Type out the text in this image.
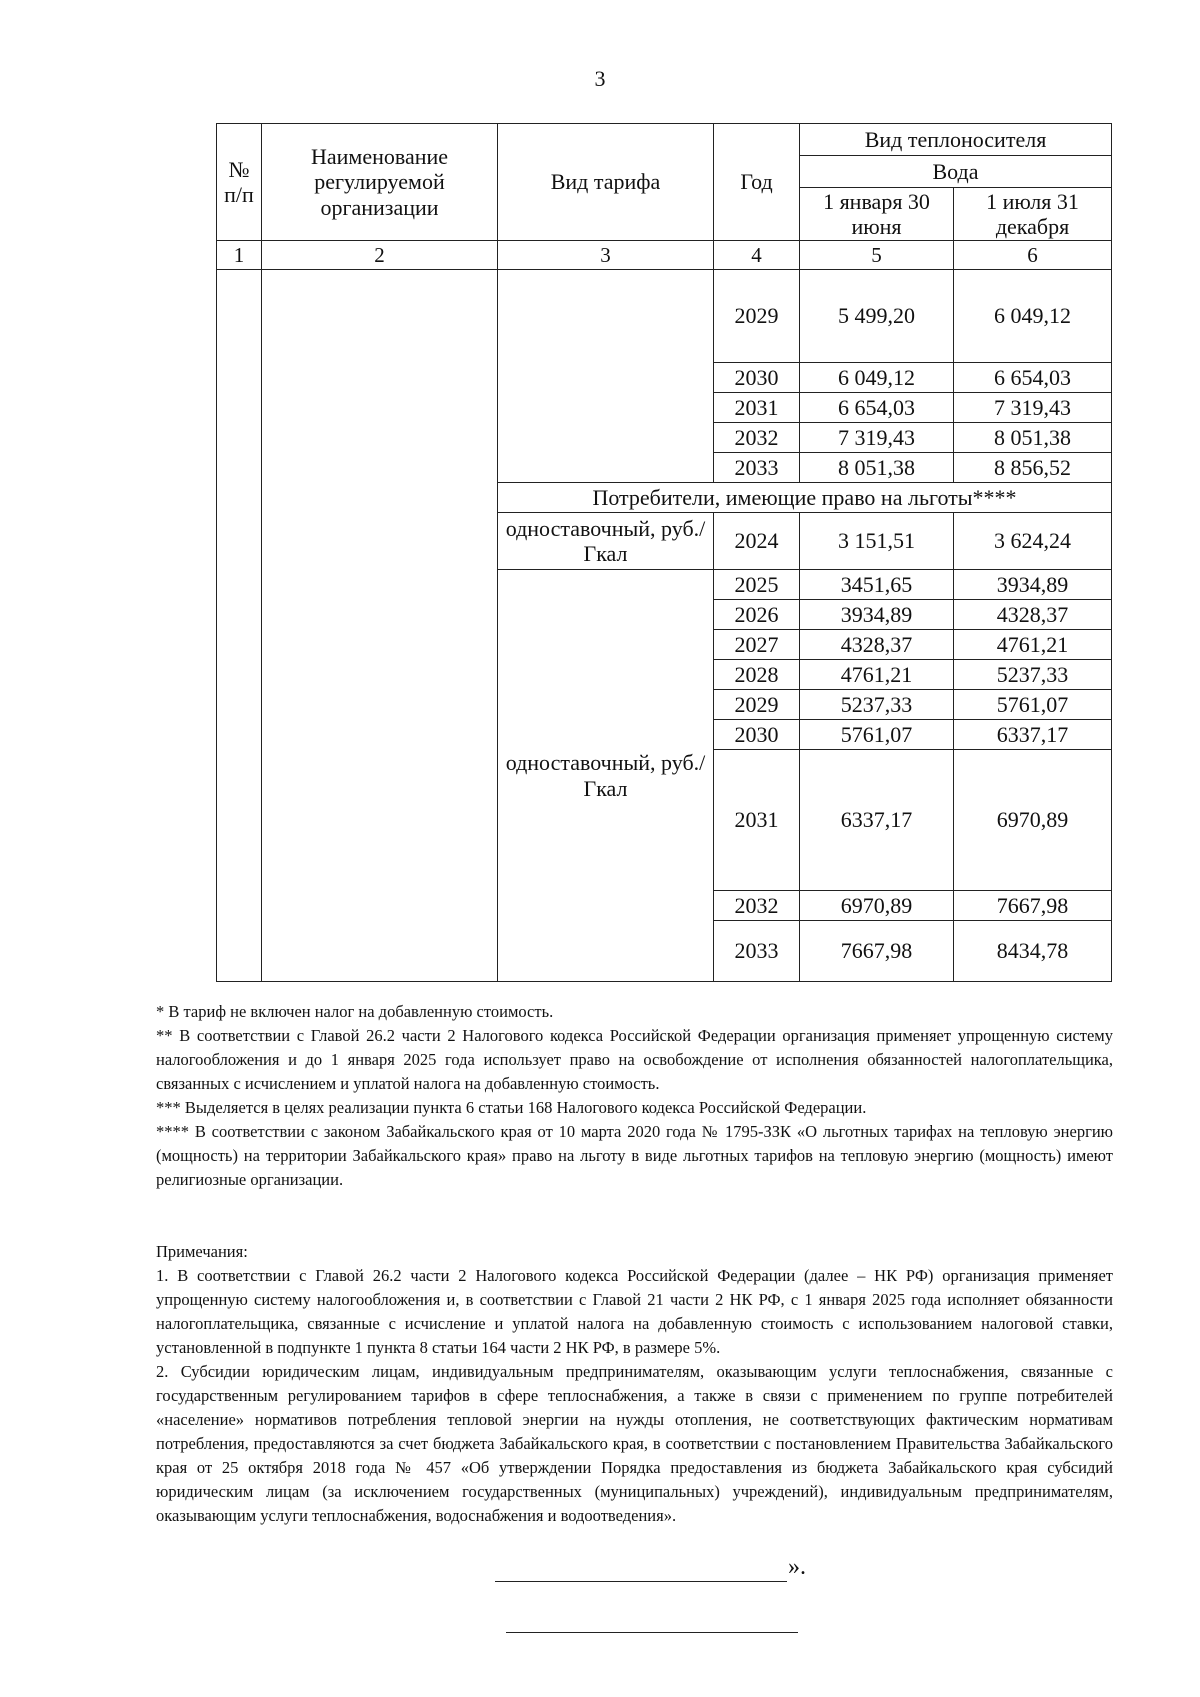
3
№ п/п	Наименование регулируемой организации	Вид тарифа	Год	Вид теплоносителя	
				Вода	
				1 января 30 июня	1 июля 31 декабря

1	2	3	4	5	6
			2029	5 499,20	6 049,12
			2030	6 049,12	6 654,03
			2031	6 654,03	7 319,43
			2032	7 319,43	8 051,38
			2033	8 051,38	8 856,52
		Потребители, имеющие право на льготы****			
		одноставочный, руб./Гкал	2024	3 151,51	3 624,24
		одноставочный, руб./Гкал	2025	3451,65	3934,89
			2026	3934,89	4328,37
			2027	4328,37	4761,21
			2028	4761,21	5237,33
			2029	5237,33	5761,07
			2030	5761,07	6337,17
			2031	6337,17	6970,89
			2032	6970,89	7667,98
			2033	7667,98	8434,78

* В тариф не включен налог на добавленную стоимость.

** В соответствии с Главой 26.2 части 2 Налогового кодекса Российской Федерации организация применяет упрощенную систему налогообложения и до 1 января 2025 года использует право на освобождение от исполнения обязанностей налогоплательщика, связанных с исчислением и уплатой налога на добавленную стоимость.

*** Выделяется в целях реализации пункта 6 статьи 168 Налогового кодекса Российской Федерации.

**** В соответствии с законом Забайкальского края от 10 марта 2020 года № 1795-ЗЗК «О льготных тарифах на тепловую энергию (мощность) на территории Забайкальского края» право на льготу в виде льготных тарифов на тепловую энергию (мощность) имеют религиозные организации.

Примечания:

1. В соответствии с Главой 26.2 части 2 Налогового кодекса Российской Федерации (далее – НК РФ) организация применяет упрощенную систему налогообложения и, в соответствии с Главой 21 части 2 НК РФ, с 1 января 2025 года исполняет обязанности налогоплательщика, связанные с исчисление и уплатой налога на добавленную стоимость с использованием налоговой ставки, установленной в подпункте 1 пункта 8 статьи 164 части 2 НК РФ, в размере 5%.

2. Субсидии юридическим лицам, индивидуальным предпринимателям, оказывающим услуги теплоснабжения, связанные с государственным регулированием тарифов в сфере теплоснабжения, а также в связи с применением по группе потребителей «население» нормативов потребления тепловой энергии на нужды отопления, не соответствующих фактическим нормативам потребления, предоставляются за счет бюджета Забайкальского края, в соответствии с постановлением Правительства Забайкальского края от 25 октября 2018 года № 457 «Об утверждении Порядка предоставления из бюджета Забайкальского края субсидий юридическим лицам (за исключением государственных (муниципальных) учреждений), индивидуальным предпринимателям, оказывающим услуги теплоснабжения, водоснабжения и водоотведения».

».
